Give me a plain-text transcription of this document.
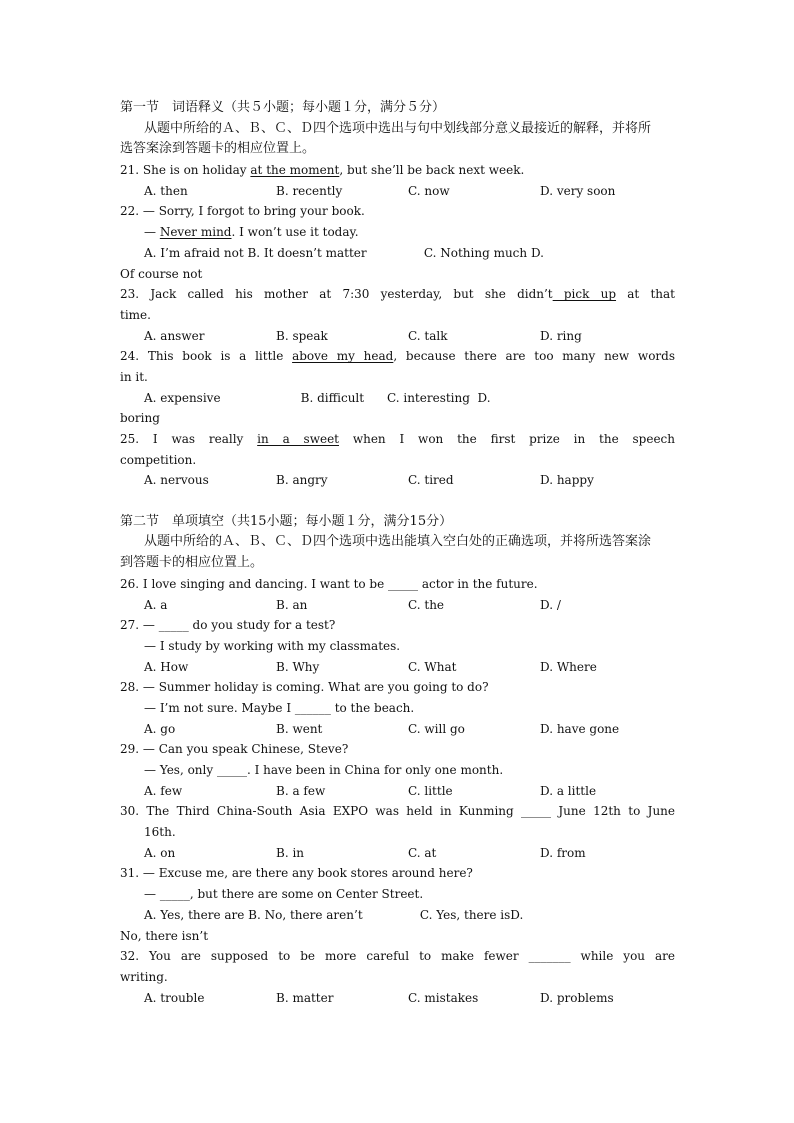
第一节　词语释义（共５小题；每小题１分，满分５分）
从题中所给的Ａ、Ｂ、Ｃ、Ｄ四个选项中选出与句中划线部分意义最接近的解释，并将所
选答案涂到答题卡的相应位置上。
21. She is on holiday at the moment, but she’ll be back next week.
A. then	B. recently	C. now	D. very soon
22. — Sorry, I forgot to bring your book.
— Never mind. I won’t use it today.
A. I’m afraid not B. It doesn’t matter               C. Nothing much D.
Of course not
23. Jack called his mother at 7:30 yesterday, but she didn’t pick up at that
time.
A. answer	B. speak	C. talk	D. ring
24. This book is a little above my head, because there are too many new words
in it.
A. expensive                     B. difficult      C. interesting  D.
boring
25. I was really in a sweet when I won the first prize in the speech
competition.
A. nervous	B. angry	C. tired	D. happy
第二节　单项填空（共15小题；每小题１分，满分15分）
从题中所给的Ａ、Ｂ、Ｃ、Ｄ四个选项中选出能填入空白处的正确选项，并将所选答案涂
到答题卡的相应位置上。
26. I love singing and dancing. I want to be _____ actor in the future.
A. a	B. an	C. the	D. /
27. — _____ do you study for a test?
— I study by working with my classmates.
A. How	B. Why	C. What	D. Where
28. — Summer holiday is coming. What are you going to do?
— I’m not sure. Maybe I ______ to the beach.
A. go	B. went	C. will go	D. have gone
29. — Can you speak Chinese, Steve?
— Yes, only _____. I have been in China for only one month.
A. few	B. a few	C. little	D. a little
30. The Third China-South Asia EXPO was held in Kunming _____ June 12th to June
16th.
A. on	B. in	C. at	D. from
31. — Excuse me, are there any book stores around here?
— _____, but there are some on Center Street.
A. Yes, there are B. No, there aren’t               C. Yes, there isD.
No, there isn’t
32. You are supposed to be more careful to make fewer _______ while you are
writing.
A. trouble	B. matter	C. mistakes	D. problems
